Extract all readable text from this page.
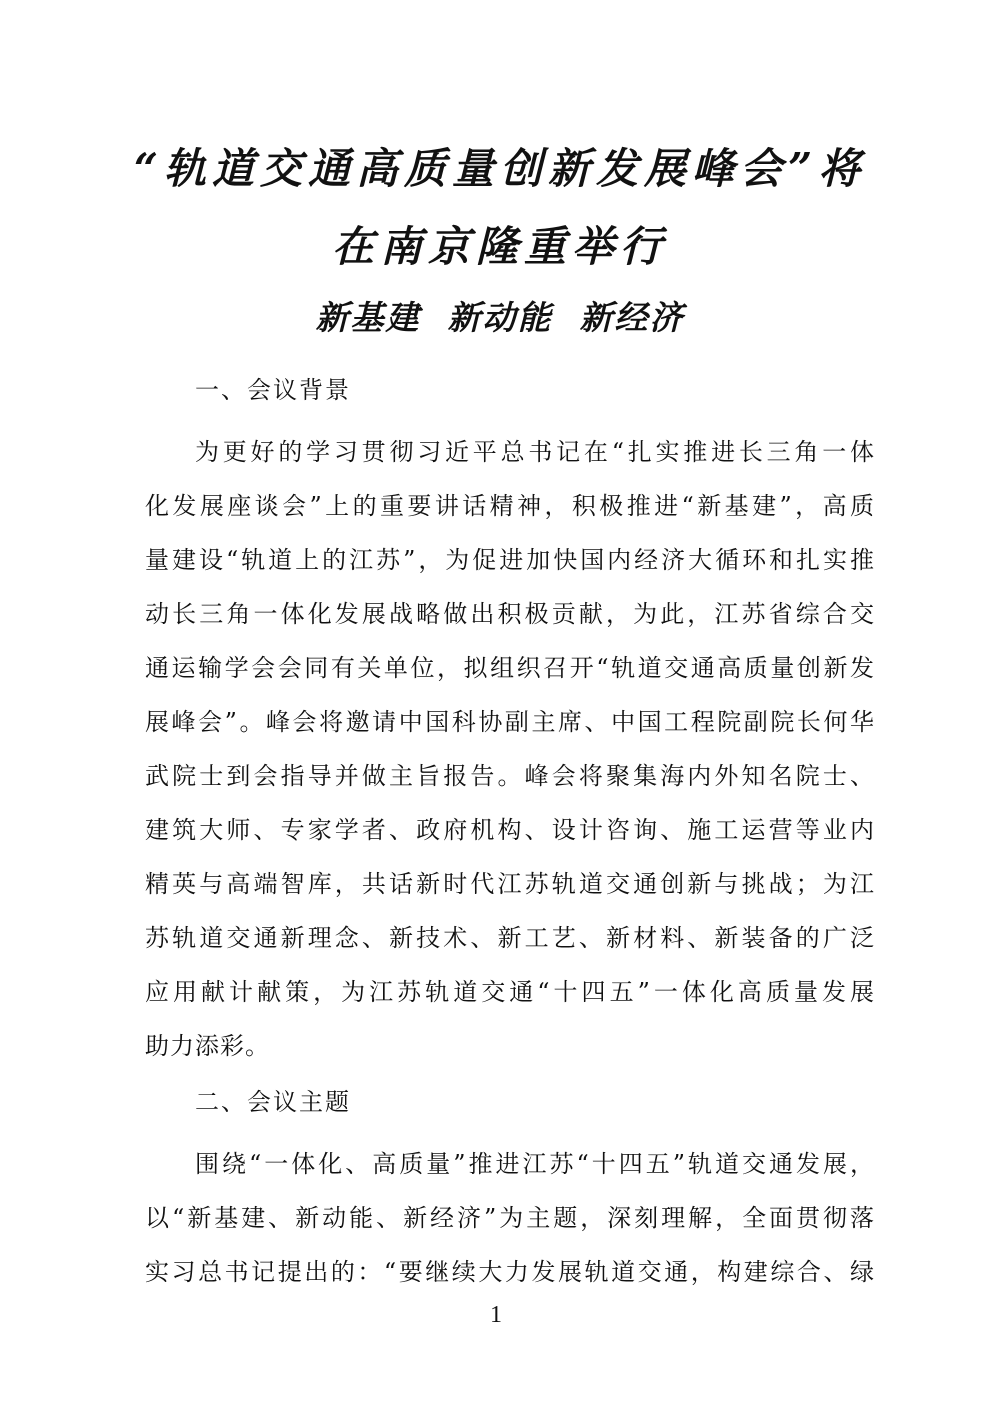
“轨道交通高质量创新发展峰会”将
在南京隆重举行
新基建  新动能  新经济
一、会议背景
为更好的学习贯彻习近平总书记在“扎实推进长三角一体
化发展座谈会”上的重要讲话精神，积极推进“新基建”，高质
量建设“轨道上的江苏”，为促进加快国内经济大循环和扎实推
动长三角一体化发展战略做出积极贡献，为此，江苏省综合交
通运输学会会同有关单位，拟组织召开“轨道交通高质量创新发
展峰会”。峰会将邀请中国科协副主席、中国工程院副院长何华
武院士到会指导并做主旨报告。峰会将聚集海内外知名院士、
建筑大师、专家学者、政府机构、设计咨询、施工运营等业内
精英与高端智库，共话新时代江苏轨道交通创新与挑战；为江
苏轨道交通新理念、新技术、新工艺、新材料、新装备的广泛
应用献计献策，为江苏轨道交通“十四五”一体化高质量发展
助力添彩。
二、会议主题
围绕“一体化、高质量”推进江苏“十四五”轨道交通发展，
以“新基建、新动能、新经济”为主题，深刻理解，全面贯彻落
实习总书记提出的：“要继续大力发展轨道交通，构建综合、绿
1
